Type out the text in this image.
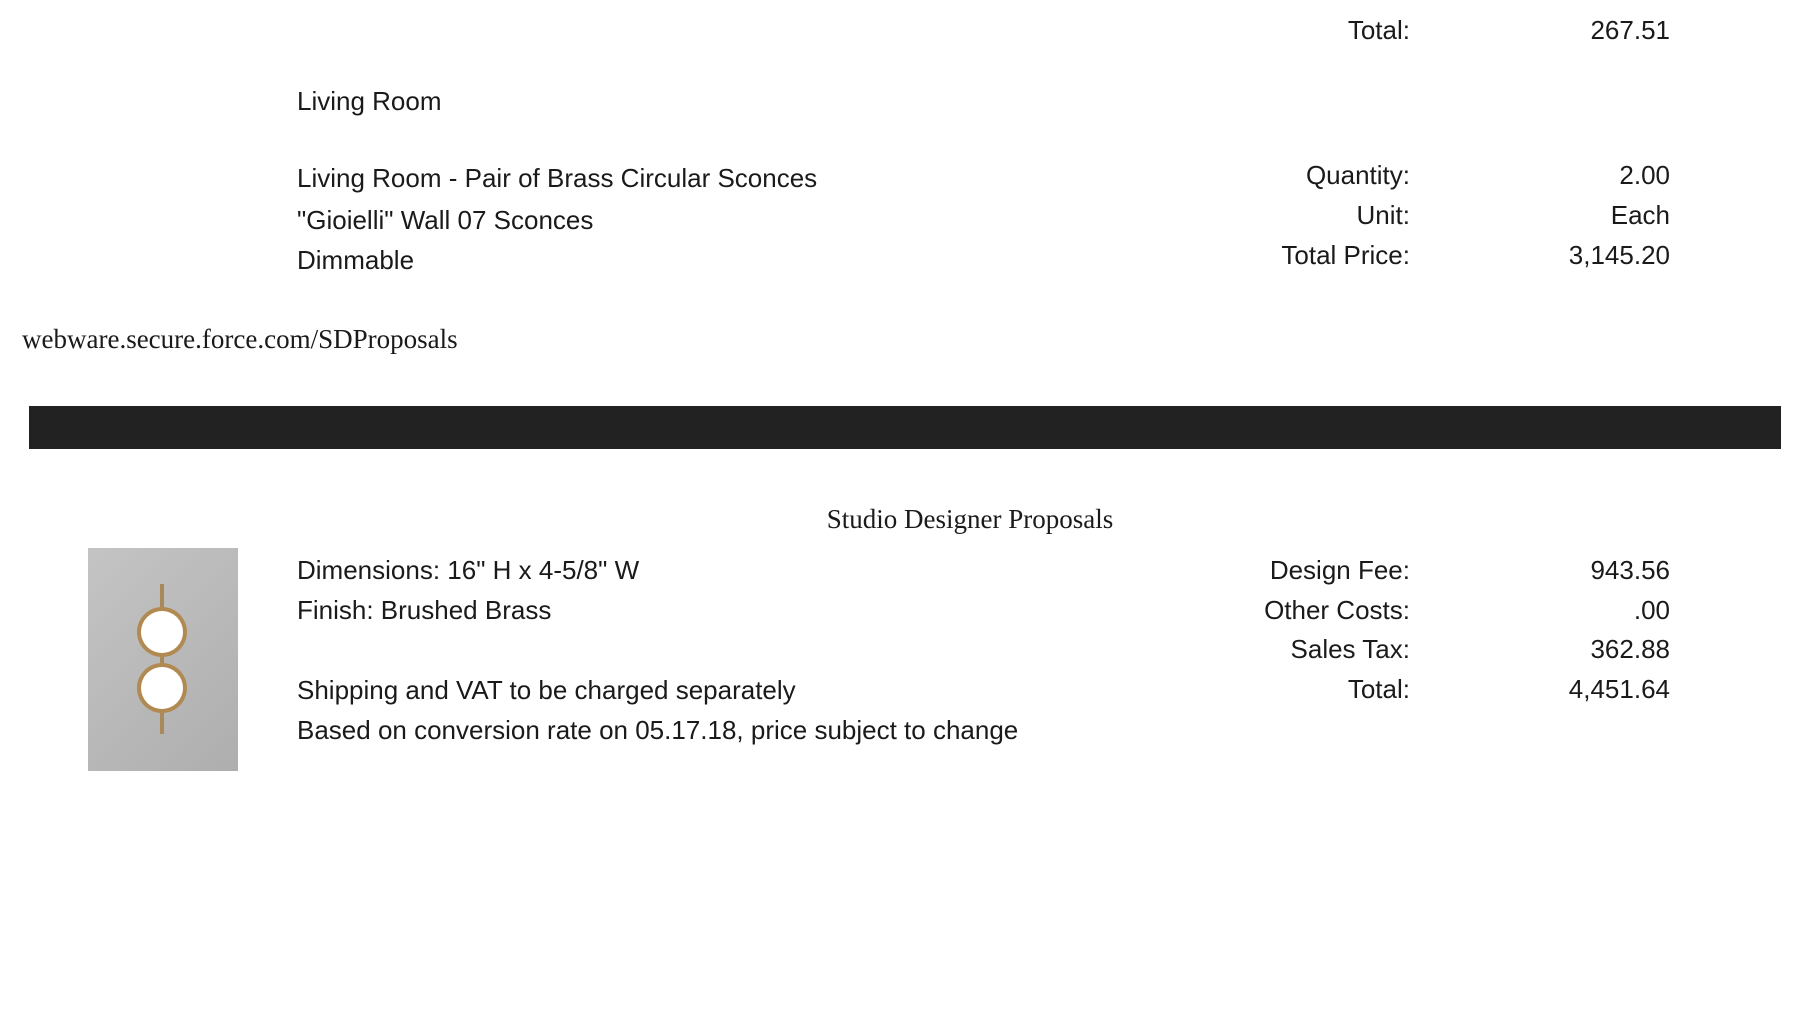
Total:	267.51
Living Room
Living Room - Pair of Brass Circular Sconces
"Gioielli" Wall 07 Sconces
Dimmable
Quantity:	2.00
Unit:	Each
Total Price:	3,145.20
webware.secure.force.com/SDProposals
Studio Designer Proposals
Dimensions: 16" H x 4-5/8" W
Finish: Brushed Brass
Shipping and VAT to be charged separately
Based on conversion rate on 05.17.18, price subject to change
Design Fee:	943.56
Other Costs:	.00
Sales Tax:	362.88
Total:	4,451.64
